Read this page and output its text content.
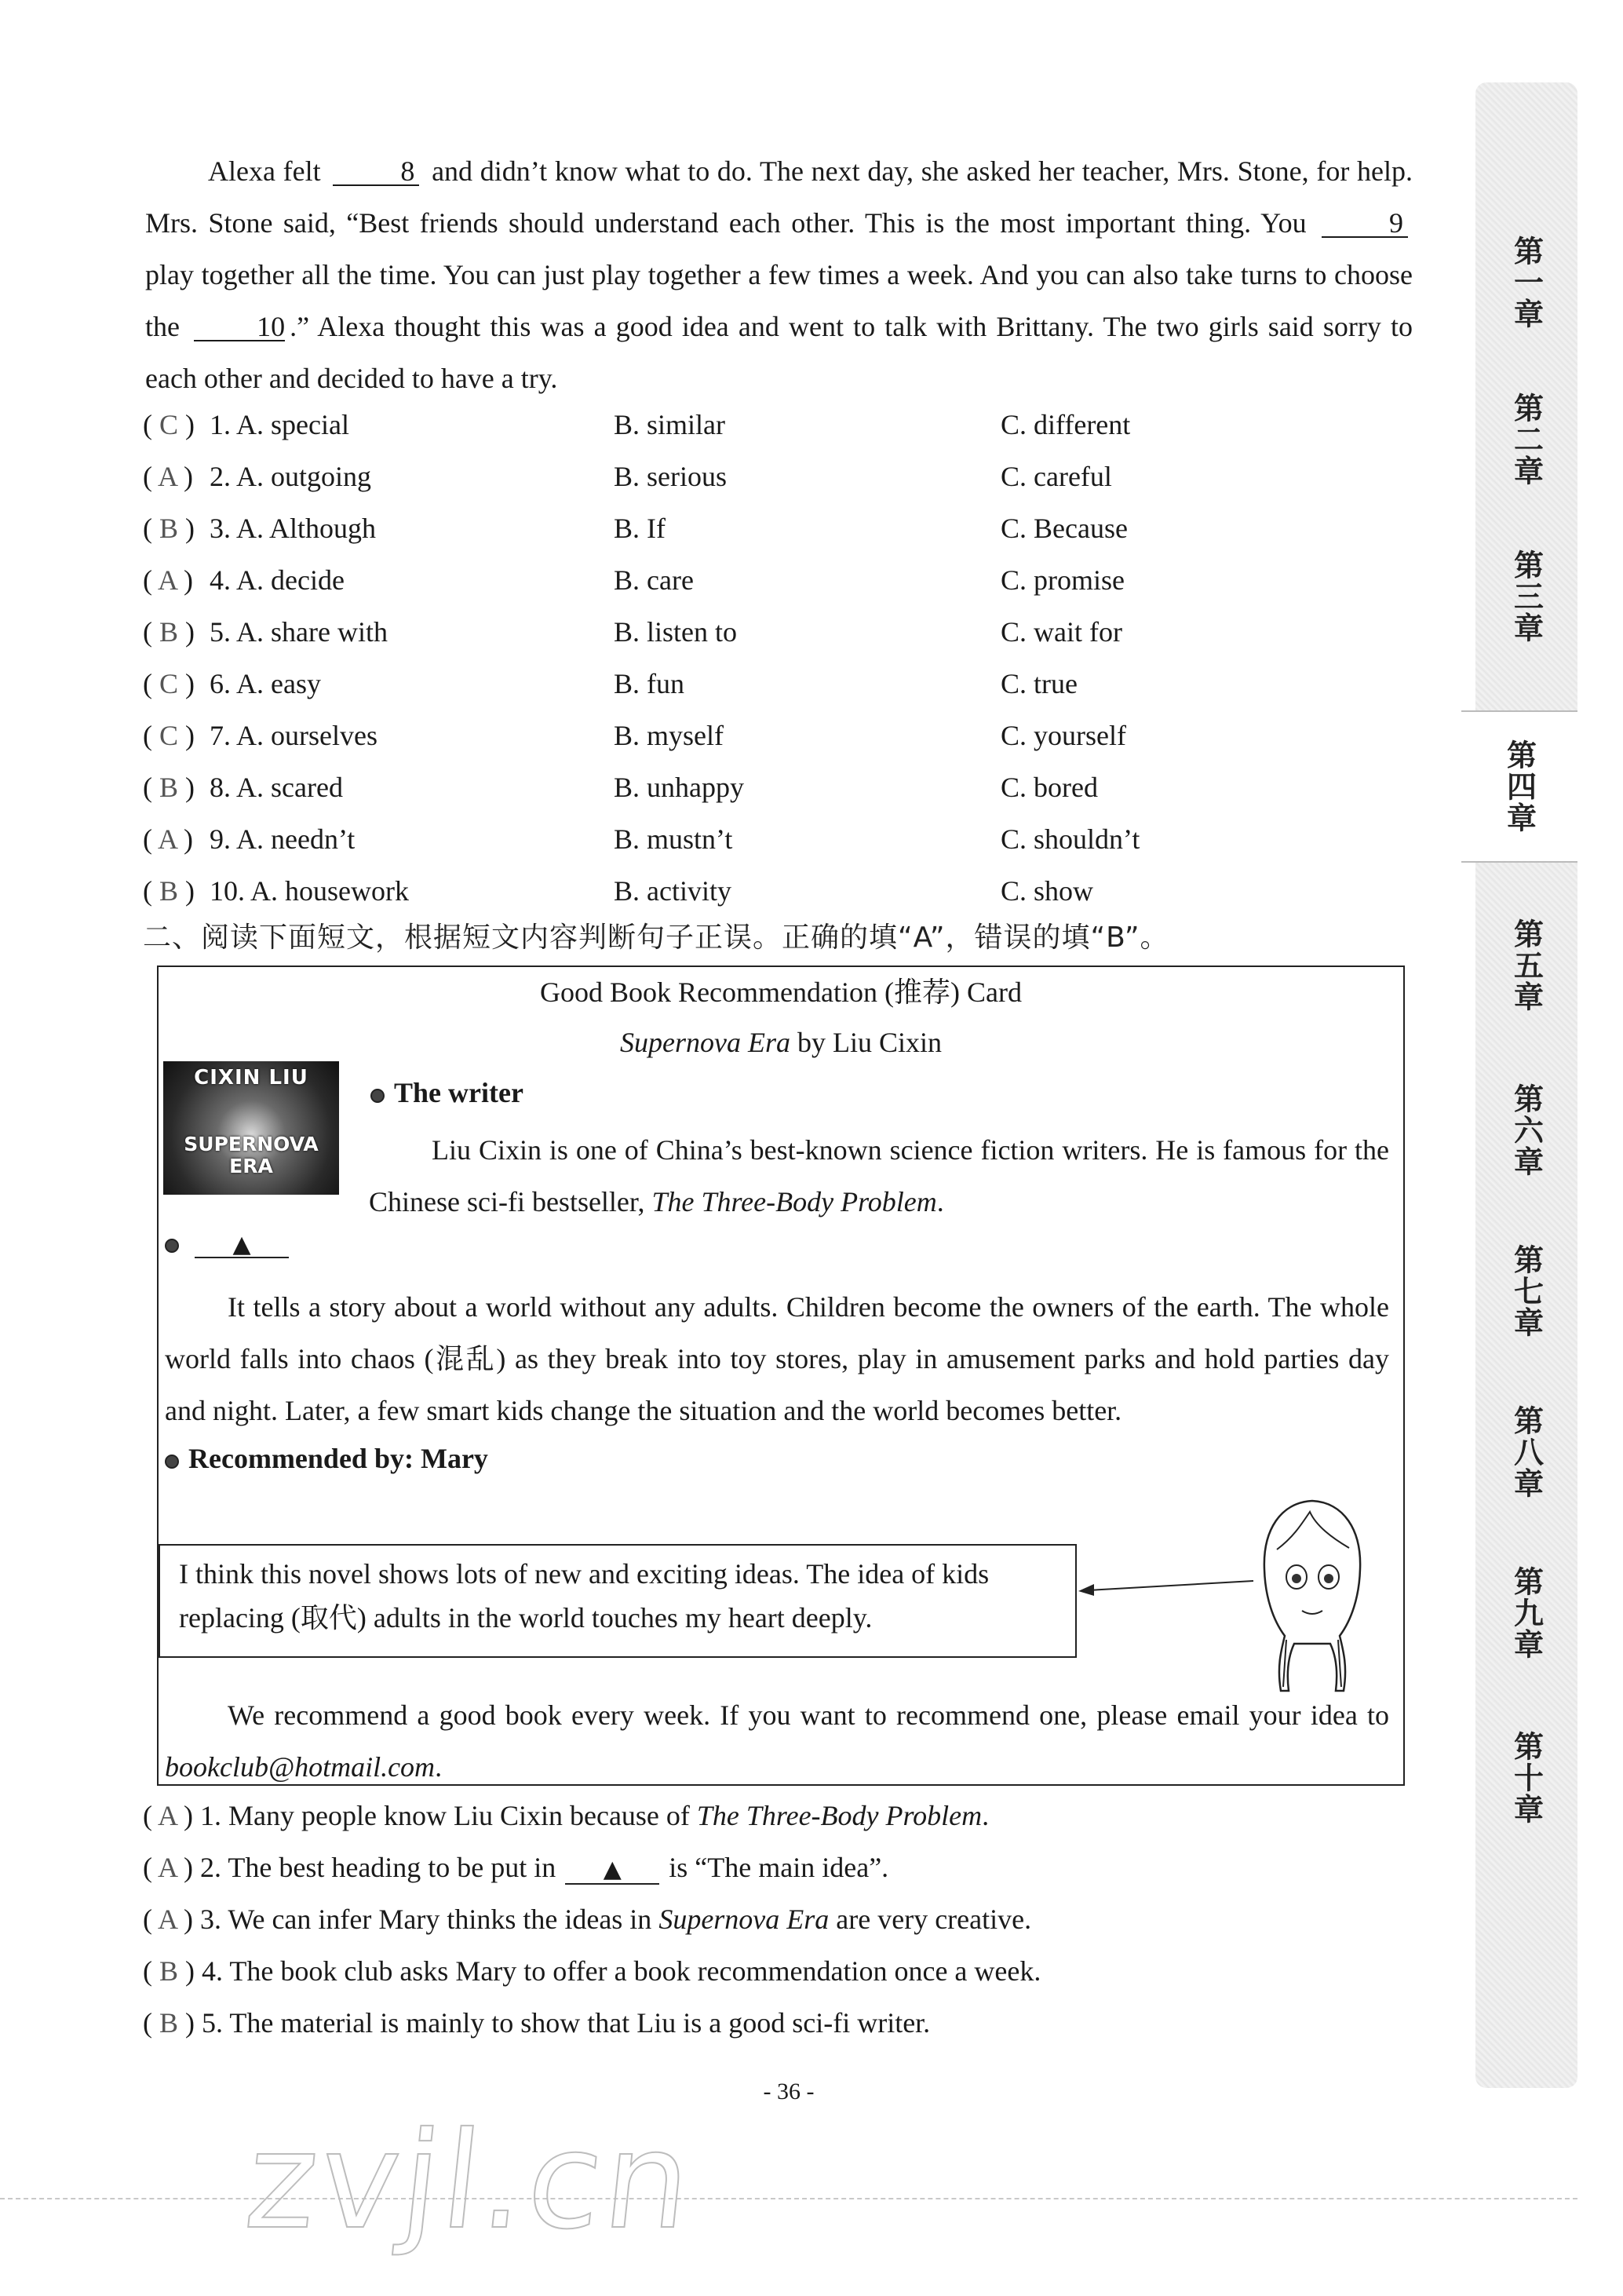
Alexa felt	8 and didn’t know what to do. The next day, she asked her teacher, Mrs. Stone, for help. Mrs. Stone said, “Best friends should understand each other. This is the most important thing. You	9 play together all the time. You can just play together a few times a week. And you can also take turns to choose the	10 .” Alexa thought this was a good idea and went to talk with Brittany. The two girls said sorry to each other and decided to have a try.

( C ) 1. A. special	B. similar	C. different
( A ) 2. A. outgoing	B. serious	C. careful
( B ) 3. A. Although	B. If	C. Because
( A ) 4. A. decide	B. care	C. promise
( B ) 5. A. share with	B. listen to	C. wait for
( C ) 6. A. easy	B. fun	C. true
( C ) 7. A. ourselves	B. myself	C. yourself
( B ) 8. A. scared	B. unhappy	C. bored
( A ) 9. A. needn’t	B. mustn’t	C. shouldn’t
( B ) 10. A. housework	B. activity	C. show
二、阅读下面短文，根据短文内容判断句子正误。正确的填“A”，错误的填“B”。
Good Book Recommendation (推荐) Card
Supernova Era by Liu Cixin
CIXIN LIU
SUPERNOVA
ERA
The writer

Liu Cixin is one of China’s best-known science fiction writers. He is famous for the Chinese sci-fi bestseller, The Three-Body Problem.

▲

It tells a story about a world without any adults. Children become the owners of the earth. The whole world falls into chaos (混乱) as they break into toy stores, play in amusement parks and hold parties day and night. Later, a few smart kids change the situation and the world becomes better.

Recommended by: Mary
I think this novel shows lots of new and exciting ideas. The idea of kids replacing (取代) adults in the world touches my heart deeply.

We recommend a good book every week. If you want to recommend one, please email your idea to bookclub@hotmail.com.

( A ) 1. Many people know Liu Cixin because of The Three-Body Problem.
( A ) 2. The best heading to be put in ▲ is “The main idea”.
( A ) 3. We can infer Mary thinks the ideas in Supernova Era are very creative.
( B ) 4. The book club asks Mary to offer a book recommendation once a week.
( B ) 5. The material is mainly to show that Liu is a good sci-fi writer.
- 36 -
第一章
第二章
第三章
第四章
第五章
第六章
第七章
第八章
第九章
第十章
zvjl.cn
